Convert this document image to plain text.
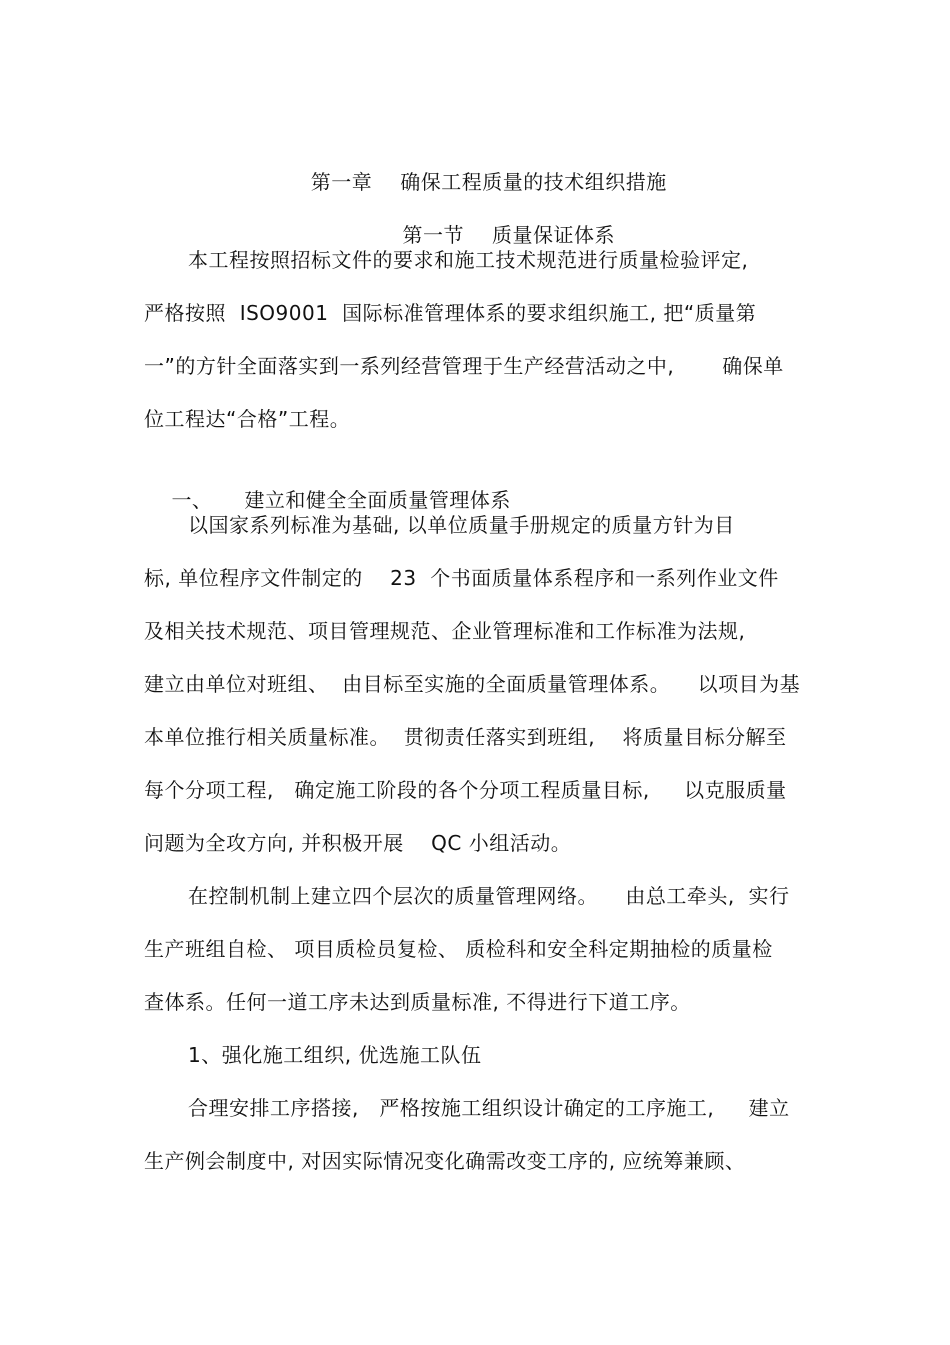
第一章 确保工程质量的技术组织措施

第一节 质量保证体系

本工程按照招标文件的要求和施工技术规范进行质量检验评定,
严格按照  ISO9001  国际标准管理体系的要求组织施工, 把“质量第
一”的方针全面落实到一系列经营管理于生产经营活动之中,       确保单
位工程达“合格”工程。

一、 建立和健全全面质量管理体系

以国家系列标准为基础, 以单位质量手册规定的质量方针为目
标, 单位程序文件制定的    23  个书面质量体系程序和一系列作业文件
及相关技术规范、项目管理规范、企业管理标准和工作标准为法规,
建立由单位对班组、  由目标至实施的全面质量管理体系。    以项目为基
本单位推行相关质量标准。  贯彻责任落实到班组,    将质量目标分解至
每个分项工程,   确定施工阶段的各个分项工程质量目标,     以克服质量
问题为全攻方向, 并积极开展    QC 小组活动。
在控制机制上建立四个层次的质量管理网络。    由总工牵头,  实行
生产班组自检、 项目质检员复检、 质检科和安全科定期抽检的质量检
查体系。任何一道工序未达到质量标准, 不得进行下道工序。
1、强化施工组织, 优选施工队伍
合理安排工序搭接,   严格按施工组织设计确定的工序施工,     建立
生产例会制度中, 对因实际情况变化确需改变工序的, 应统筹兼顾、
